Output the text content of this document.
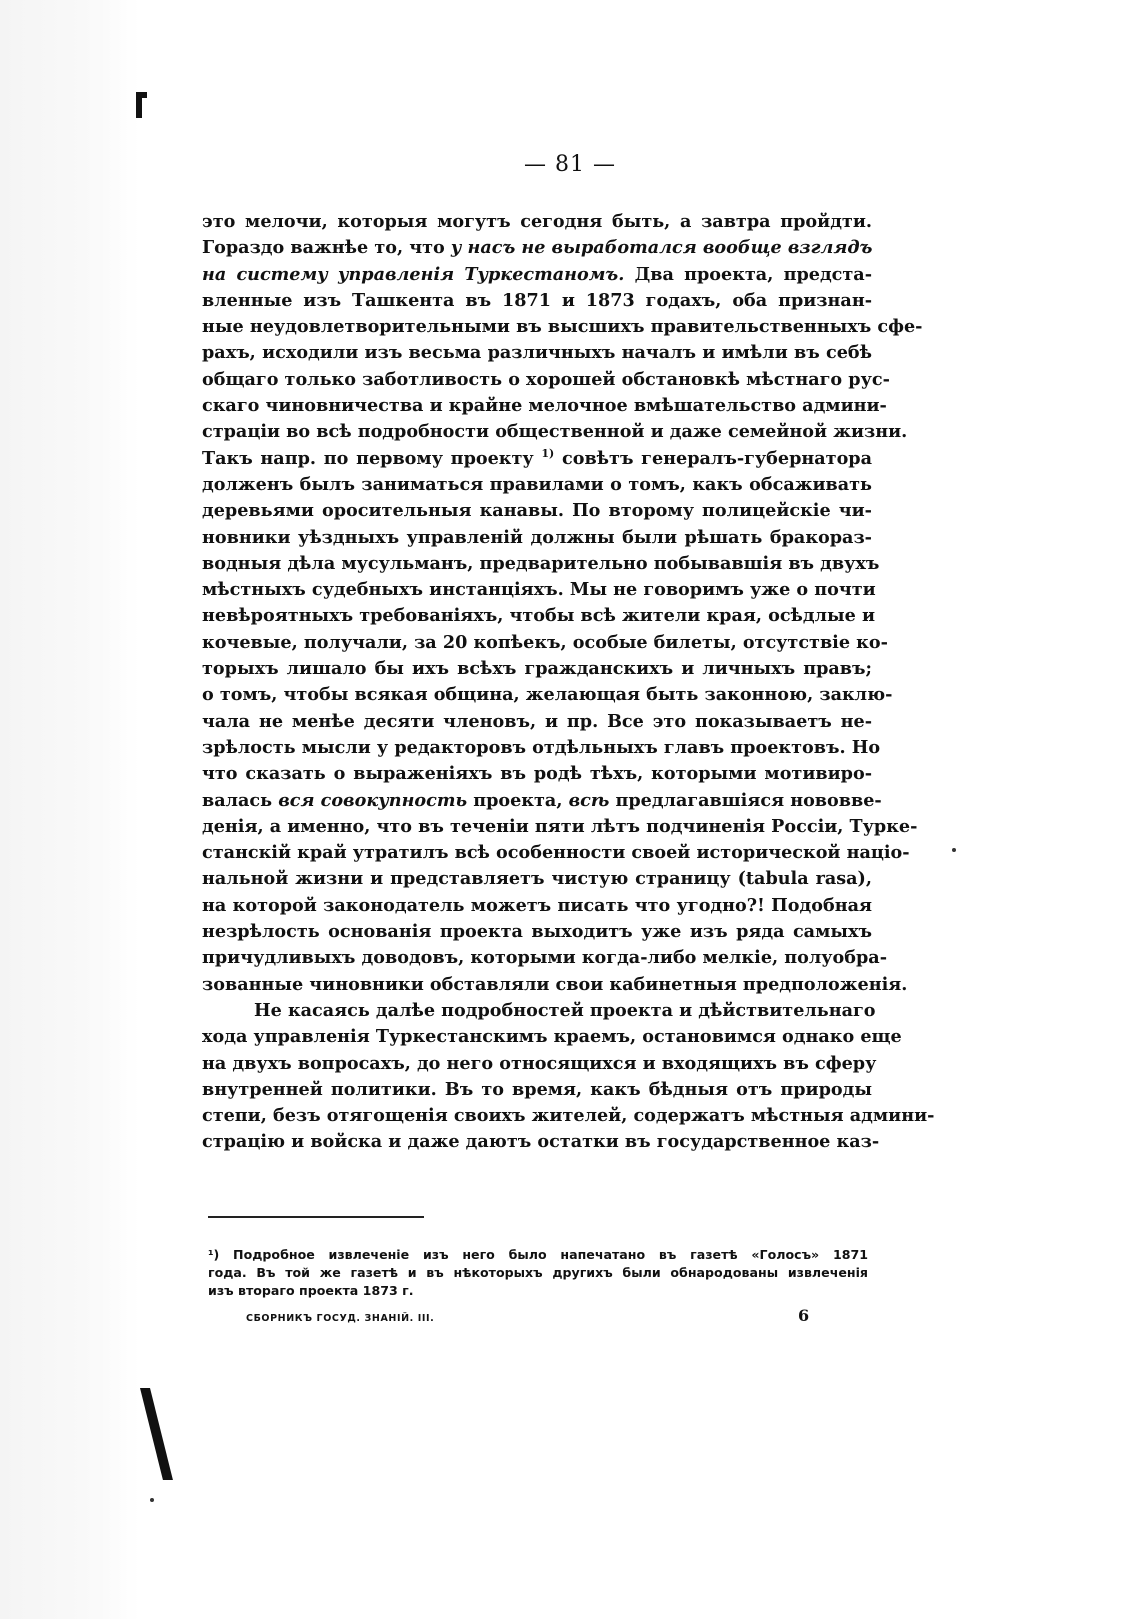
— 81 —
это мелочи, которыя могутъ сегодня быть, а завтра пройдти.
Гораздо важнѣе то, что у насъ не выработался вообще взглядъ
на систему управленія Туркестаномъ. Два проекта, предста-
вленные изъ Ташкента въ 1871 и 1873 годахъ, оба признан-
ные неудовлетворительными въ высшихъ правительственныхъ сфе-
рахъ, исходили изъ весьма различныхъ началъ и имѣли въ себѣ
общаго только заботливость о хорошей обстановкѣ мѣстнаго рус-
скаго чиновничества и крайне мелочное вмѣшательство админи-
страціи во всѣ подробности общественной и даже семейной жизни.
Такъ напр. по первому проекту $^{1)}$ совѣтъ генералъ-губернатора
долженъ былъ заниматься правилами о томъ, какъ обсаживать
деревьями оросительныя канавы. По второму полицейскіе чи-
новники уѣздныхъ управленій должны были рѣшать бракораз-
водныя дѣла мусульманъ, предварительно побывавшія въ двухъ
мѣстныхъ судебныхъ инстанціяхъ. Мы не говоримъ уже о почти
невѣроятныхъ требованіяхъ, чтобы всѣ жители края, осѣдлые и
кочевые, получали, за 20 копѣекъ, особые билеты, отсутствіе ко-
торыхъ лишало бы ихъ всѣхъ гражданскихъ и личныхъ правъ;
о томъ, чтобы всякая община, желающая быть законною, заклю-
чала не менѣе десяти членовъ, и пр. Все это показываетъ не-
зрѣлость мысли у редакторовъ отдѣльныхъ главъ проектовъ. Но
что сказать о выраженіяхъ въ родѣ тѣхъ, которыми мотивиро-
валась вся совокупность проекта, всѣ предлагавшіяся нововве-
денія, а именно, что въ теченіи пяти лѣтъ подчиненія Россіи, Турке-
станскій край утратилъ всѣ особенности своей исторической націо-
нальной жизни и представляетъ чистую страницу (tabula rasa),
на которой законодатель можетъ писать что угодно?! Подобная
незрѣлость основанія проекта выходитъ уже изъ ряда самыхъ
причудливыхъ доводовъ, которыми когда-либо мелкіе, полуобра-
зованные чиновники обставляли свои кабинетныя предположенія.
Не касаясь далѣе подробностей проекта и дѣйствительнаго
хода управленія Туркестанскимъ краемъ, остановимся однако еще
на двухъ вопросахъ, до него относящихся и входящихъ въ сферу
внутренней политики. Въ то время, какъ бѣдныя отъ природы
степи, безъ отягощенія своихъ жителей, содержатъ мѣстныя админи-
страцію и войска и даже даютъ остатки въ государственное каз-
¹) Подробное извлеченіе изъ него было напечатано въ газетѣ «Голосъ» 1871
года. Въ той же газетѣ и въ нѣкоторыхъ другихъ были обнародованы извлеченія
изъ втораго проекта 1873 г.
СБОРНИКЪ ГОСУД. ЗНАНІЙ. III.	6
